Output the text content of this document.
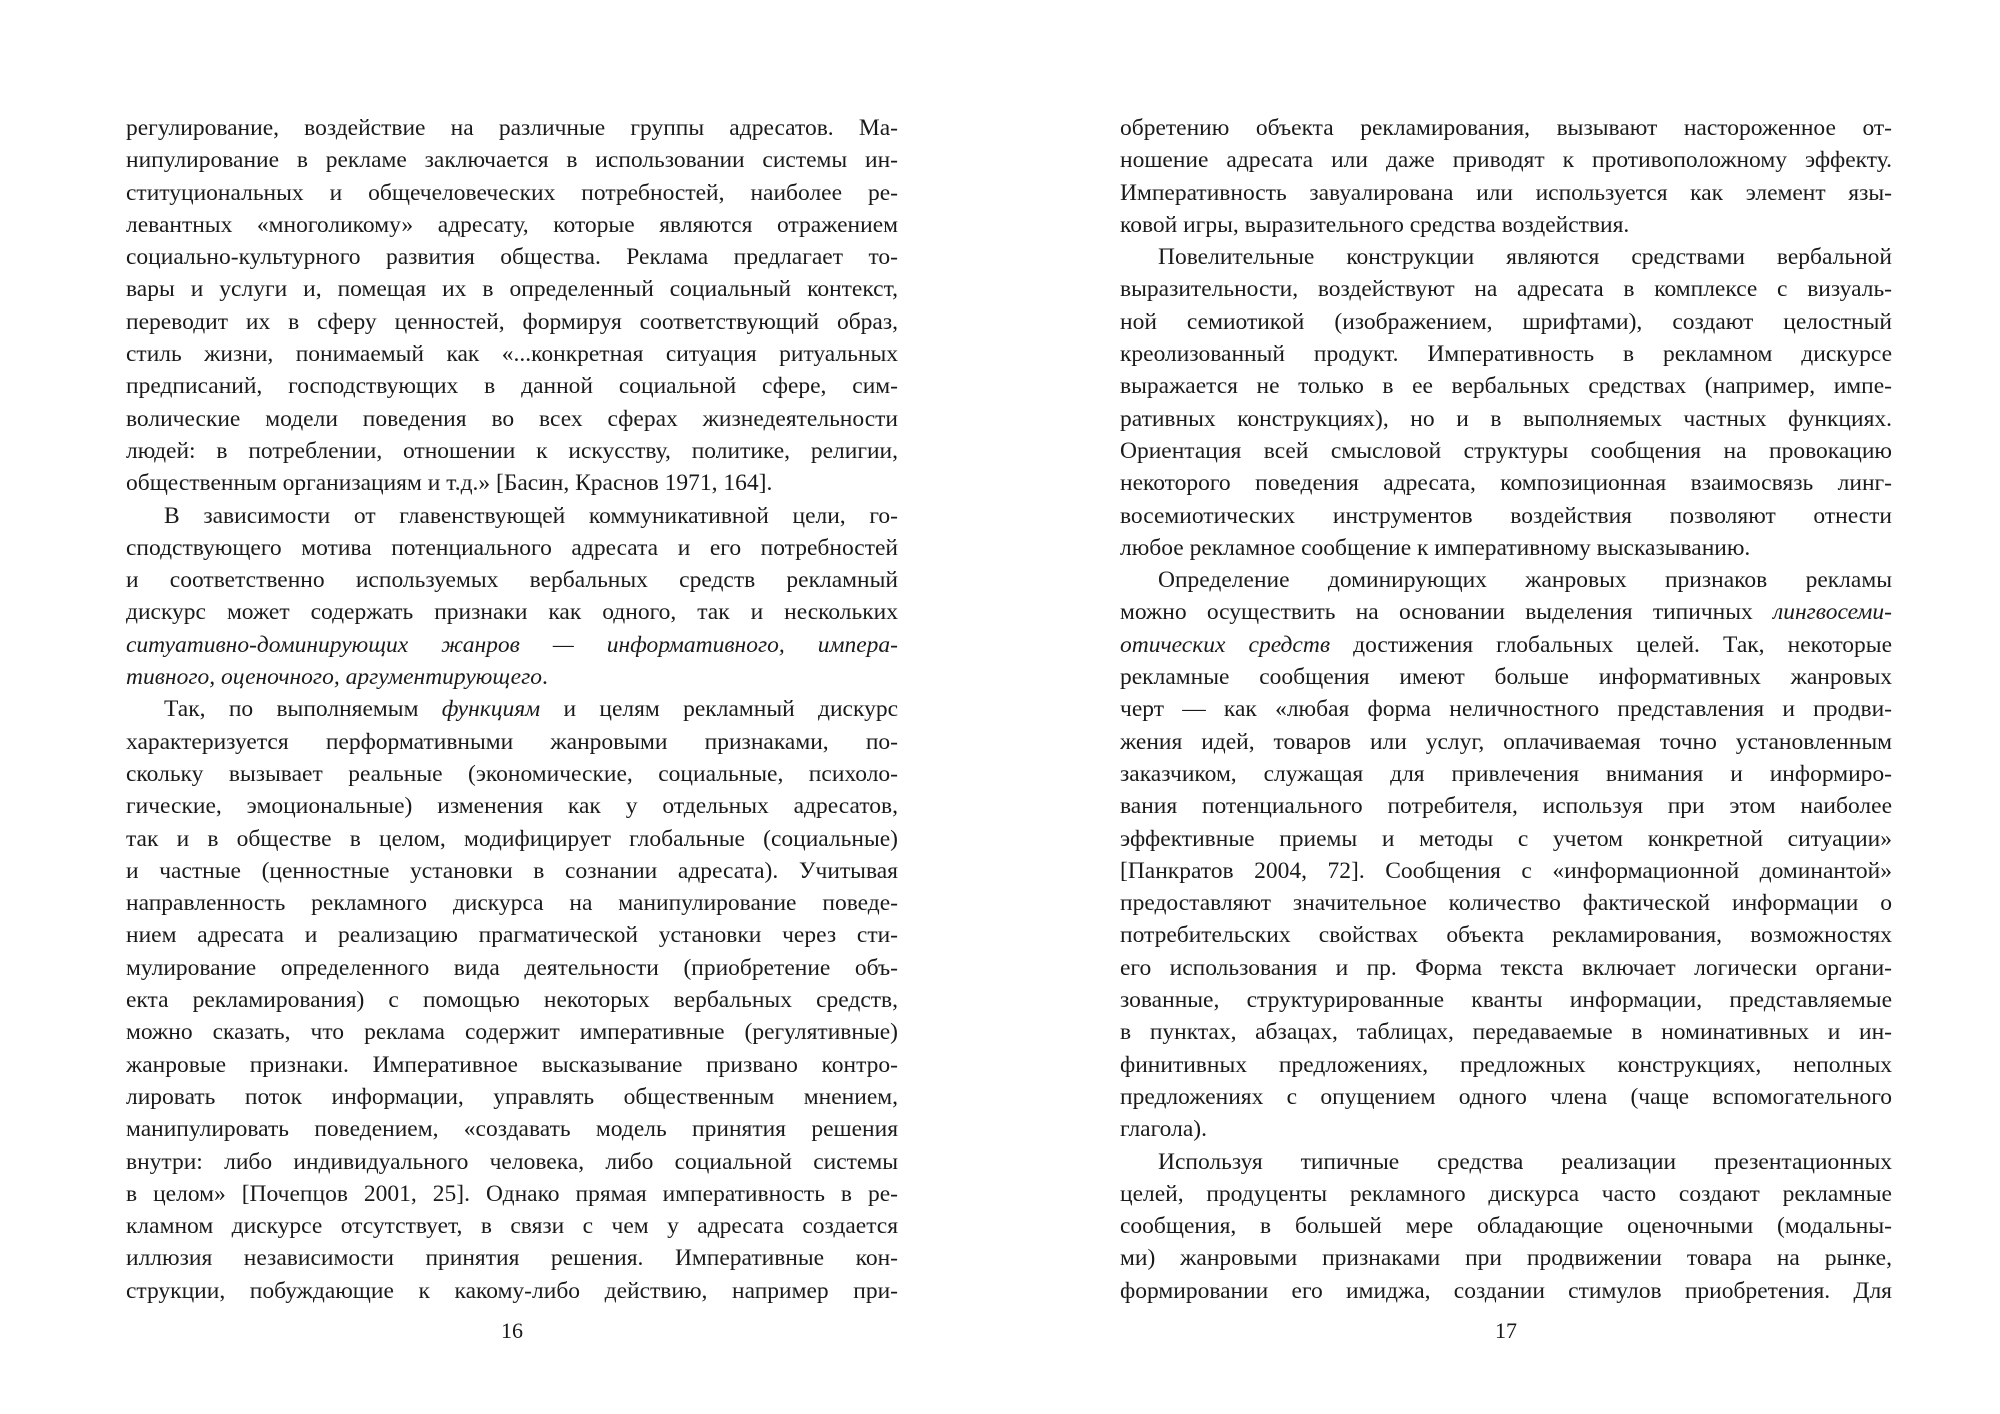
регулирование, воздействие на различные группы адресатов. Ма-
нипулирование в рекламе заключается в использовании системы ин-
ституциональных и общечеловеческих потребностей, наиболее ре-
левантных «многоликому» адресату, которые являются отражением
социально-культурного развития общества. Реклама предлагает то-
вары и услуги и, помещая их в определенный социальный контекст,
переводит их в сферу ценностей, формируя соответствующий образ,
стиль жизни, понимаемый как «...конкретная ситуация ритуальных
предписаний, господствующих в данной социальной сфере, сим-
волические модели поведения во всех сферах жизнедеятельности
людей: в потреблении, отношении к искусству, политике, религии,
общественным организациям и т.д.» [Басин, Краснов 1971, 164].
В зависимости от главенствующей коммуникативной цели, го-
сподствующего мотива потенциального адресата и его потребностей
и соответственно используемых вербальных средств рекламный
дискурс может содержать признаки как одного, так и нескольких
ситуативно-доминирующих жанров — информативного, импера-
тивного, оценочного, аргументирующего.
Так, по выполняемым функциям и целям рекламный дискурс
характеризуется перформативными жанровыми признаками, по-
скольку вызывает реальные (экономические, социальные, психоло-
гические, эмоциональные) изменения как у отдельных адресатов,
так и в обществе в целом, модифицирует глобальные (социальные)
и частные (ценностные установки в сознании адресата). Учитывая
направленность рекламного дискурса на манипулирование поведе-
нием адресата и реализацию прагматической установки через сти-
мулирование определенного вида деятельности (приобретение объ-
екта рекламирования) с помощью некоторых вербальных средств,
можно сказать, что реклама содержит императивные (регулятивные)
жанровые признаки. Императивное высказывание призвано контро-
лировать поток информации, управлять общественным мнением,
манипулировать поведением, «создавать модель принятия решения
внутри: либо индивидуального человека, либо социальной системы
в целом» [Почепцов 2001, 25]. Однако прямая императивность в ре-
кламном дискурсе отсутствует, в связи с чем у адресата создается
иллюзия независимости принятия решения. Императивные кон-
струкции, побуждающие к какому-либо действию, например при-
16
обретению объекта рекламирования, вызывают настороженное от-
ношение адресата или даже приводят к противоположному эффекту.
Императивность завуалирована или используется как элемент язы-
ковой игры, выразительного средства воздействия.
Повелительные конструкции являются средствами вербальной
выразительности, воздействуют на адресата в комплексе с визуаль-
ной семиотикой (изображением, шрифтами), создают целостный
креолизованный продукт. Императивность в рекламном дискурсе
выражается не только в ее вербальных средствах (например, импе-
ративных конструкциях), но и в выполняемых частных функциях.
Ориентация всей смысловой структуры сообщения на провокацию
некоторого поведения адресата, композиционная взаимосвязь линг-
восемиотических инструментов воздействия позволяют отнести
любое рекламное сообщение к императивному высказыванию.
Определение доминирующих жанровых признаков рекламы
можно осуществить на основании выделения типичных лингвосеми-
отических средств достижения глобальных целей. Так, некоторые
рекламные сообщения имеют больше информативных жанровых
черт — как «любая форма неличностного представления и продви-
жения идей, товаров или услуг, оплачиваемая точно установленным
заказчиком, служащая для привлечения внимания и информиро-
вания потенциального потребителя, используя при этом наиболее
эффективные приемы и методы с учетом конкретной ситуации»
[Панкратов 2004, 72]. Сообщения с «информационной доминантой»
предоставляют значительное количество фактической информации о
потребительских свойствах объекта рекламирования, возможностях
его использования и пр. Форма текста включает логически органи-
зованные, структурированные кванты информации, представляемые
в пунктах, абзацах, таблицах, передаваемые в номинативных и ин-
финитивных предложениях, предложных конструкциях, неполных
предложениях с опущением одного члена (чаще вспомогательного
глагола).
Используя типичные средства реализации презентационных
целей, продуценты рекламного дискурса часто создают рекламные
сообщения, в большей мере обладающие оценочными (модальны-
ми) жанровыми признаками при продвижении товара на рынке,
формировании его имиджа, создании стимулов приобретения. Для
17
